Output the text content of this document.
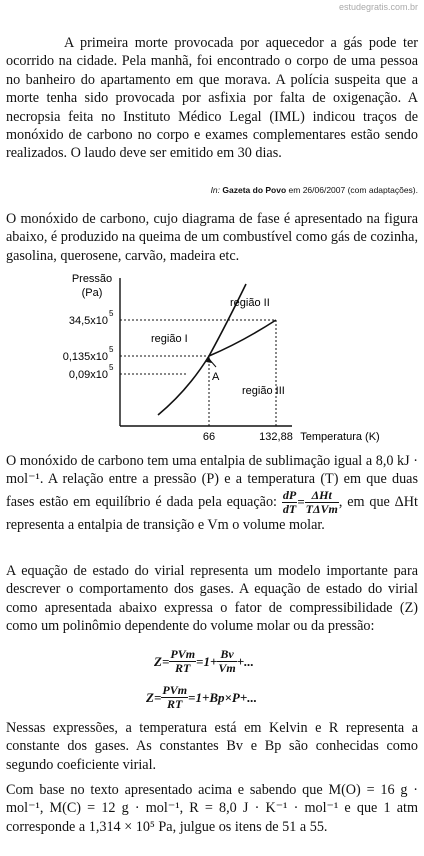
estudegratis.com.br
A primeira morte provocada por aquecedor a gás pode ter ocorrido na cidade. Pela manhã, foi encontrado o corpo de uma pessoa no banheiro do apartamento em que morava. A polícia suspeita que a morte tenha sido provocada por asfixia por falta de oxigenação. A necropsia feita no Instituto Médico Legal (IML) indicou traços de monóxido de carbono no corpo e exames complementares estão sendo realizados. O laudo deve ser emitido em 30 dias.
In: Gazeta do Povo em 26/06/2007 (com adaptações).
O monóxido de carbono, cujo diagrama de fase é apresentado na figura abaixo, é produzido na queima de um combustível como gás de cozinha, gasolina, querosene, carvão, madeira etc.
Pressão
(Pa)
34,5x10
5
0,135x10
5
0,09x10
5
66	132,88 Temperatura (K)
região I
região II
região III
A
O monóxido de carbono tem uma entalpia de sublimação igual a 8,0 kJ · mol⁻¹. A relação entre a pressão (P) e a temperatura (T) em que duas fases estão em equilíbrio é dada pela equação: $\frac{dP}{dT} = \frac{\text{ΔHt}}{\text{TΔVm}}$ , em que ΔHt representa a entalpia de transição e Vm o volume molar.
A equação de estado do virial representa um modelo importante para descrever o comportamento dos gases. A equação de estado do virial como apresentada abaixo expressa o fator de compressibilidade (Z) como um polinômio dependente do volume molar ou da pressão:
$Z= \frac{\text{PVm}}{RT} =1+ \frac{Bv}{Vm}$ +...
$Z= \frac{\text{PVm}}{RT} =1+Bp\times P+$...
Nessas expressões, a temperatura está em Kelvin e R representa a constante dos gases. As constantes Bv e Bp são conhecidas como segundo coeficiente virial.
Com base no texto apresentado acima e sabendo que M(O) = 16 g · mol⁻¹, M(C) = 12 g · mol⁻¹, R = 8,0 J · K⁻¹ · mol⁻¹ e que 1 atm corresponde a 1,314 × 10⁵ Pa, julgue os itens de 51 a 55.
